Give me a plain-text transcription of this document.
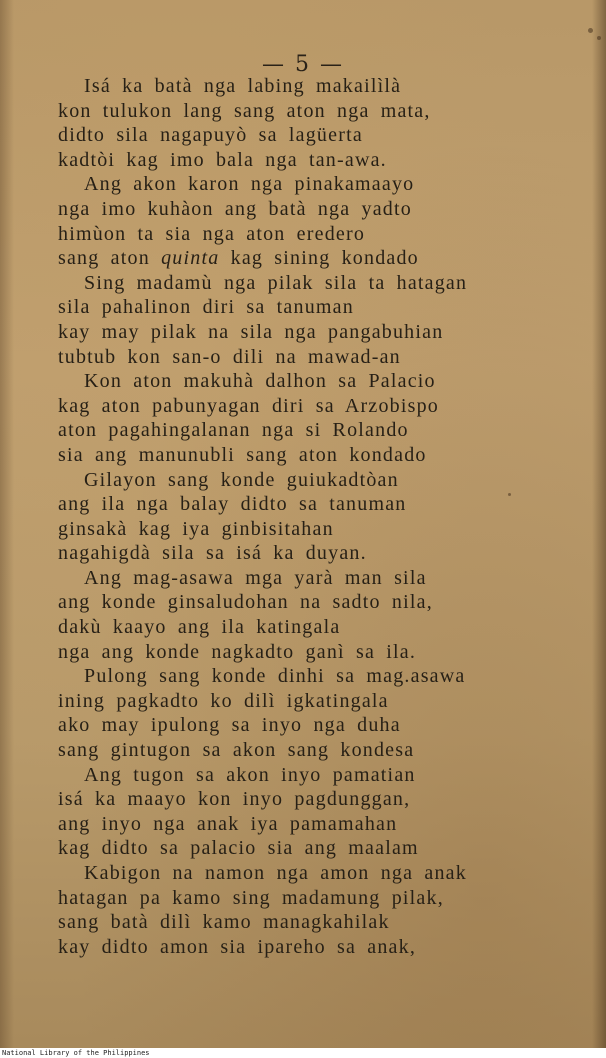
— 5 —
Isá ka batà nga labing makailìlà
kon tulukon lang sang aton nga mata,
didto sila nagapuyò sa lagüerta
kadtòi kag imo bala nga tan-awa.
Ang akon karon nga pinakamaayo
nga imo kuhàon ang batà nga yadto
himùon ta sia nga aton eredero
sang aton quinta kag sining kondado
Sing madamù nga pilak sila ta hatagan
sila pahalinon diri sa tanuman
kay may pilak na sila nga pangabuhian
tubtub kon san-o dili na mawad-an
Kon aton makuhà dalhon sa Palacio
kag aton pabunyagan diri sa Arzobispo
aton pagahingalanan nga si Rolando
sia ang manunubli sang aton kondado
Gilayon sang konde guiukadtòan
ang ila nga balay didto sa tanuman
ginsakà kag iya ginbisitahan
nagahigdà sila sa isá ka duyan.
Ang mag-asawa mga yarà man sila
ang konde ginsaludohan na sadto nila,
dakù kaayo ang ila katingala
nga ang konde nagkadto ganì sa ila.
Pulong sang konde dinhi sa mag.asawa
ining pagkadto ko dilì igkatingala
ako may ipulong sa inyo nga duha
sang gintugon sa akon sang kondesa
Ang tugon sa akon inyo pamatian
isá ka maayo kon inyo pagdunggan,
ang inyo nga anak iya pamamahan
kag didto sa palacio sia ang maalam
Kabigon na namon nga amon nga anak
hatagan pa kamo sing madamung pilak,
sang batà dilì kamo managkahilak
kay didto amon sia ipareho sa anak,
National Library of the Philippines
